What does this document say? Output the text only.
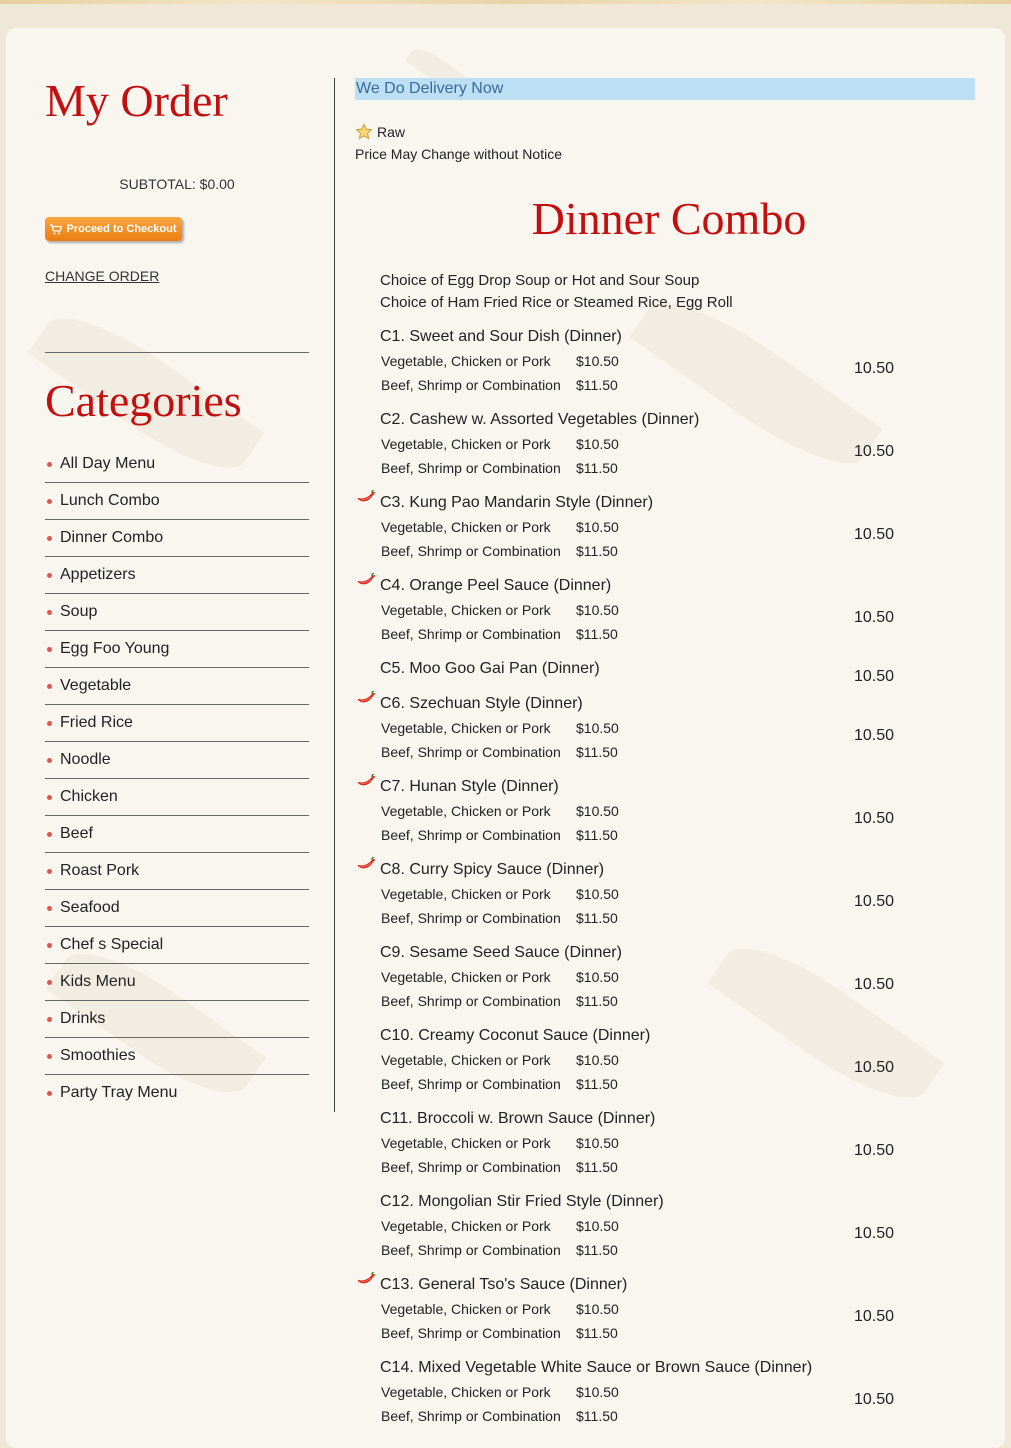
My Order
SUBTOTAL: $0.00
Proceed to Checkout
CHANGE ORDER
Categories
All Day Menu
Lunch Combo
Dinner Combo
Appetizers
Soup
Egg Foo Young
Vegetable
Fried Rice
Noodle
Chicken
Beef
Roast Pork
Seafood
Chef s Special
Kids Menu
Drinks
Smoothies
Party Tray Menu
We Do Delivery Now
Raw
Price May Change without Notice
Dinner Combo
Choice of Egg Drop Soup or Hot and Sour Soup
Choice of Ham Fried Rice or Steamed Rice, Egg Roll
C1. Sweet and Sour Dish (Dinner)
Vegetable, Chicken or Pork	$10.50
Beef, Shrimp or Combination	$11.50
10.50
C2. Cashew w. Assorted Vegetables (Dinner)
Vegetable, Chicken or Pork	$10.50
Beef, Shrimp or Combination	$11.50
10.50
C3. Kung Pao Mandarin Style (Dinner)
Vegetable, Chicken or Pork	$10.50
Beef, Shrimp or Combination	$11.50
10.50
C4. Orange Peel Sauce (Dinner)
Vegetable, Chicken or Pork	$10.50
Beef, Shrimp or Combination	$11.50
10.50
C5. Moo Goo Gai Pan (Dinner)	10.50
C6. Szechuan Style (Dinner)
Vegetable, Chicken or Pork	$10.50
Beef, Shrimp or Combination	$11.50
10.50
C7. Hunan Style (Dinner)
Vegetable, Chicken or Pork	$10.50
Beef, Shrimp or Combination	$11.50
10.50
C8. Curry Spicy Sauce (Dinner)
Vegetable, Chicken or Pork	$10.50
Beef, Shrimp or Combination	$11.50
10.50
C9. Sesame Seed Sauce (Dinner)
Vegetable, Chicken or Pork	$10.50
Beef, Shrimp or Combination	$11.50
10.50
C10. Creamy Coconut Sauce (Dinner)
Vegetable, Chicken or Pork	$10.50
Beef, Shrimp or Combination	$11.50
10.50
C11. Broccoli w. Brown Sauce (Dinner)
Vegetable, Chicken or Pork	$10.50
Beef, Shrimp or Combination	$11.50
10.50
C12. Mongolian Stir Fried Style (Dinner)
Vegetable, Chicken or Pork	$10.50
Beef, Shrimp or Combination	$11.50
10.50
C13. General Tso's Sauce (Dinner)
Vegetable, Chicken or Pork	$10.50
Beef, Shrimp or Combination	$11.50
10.50
C14. Mixed Vegetable White Sauce or Brown Sauce (Dinner)
Vegetable, Chicken or Pork	$10.50
Beef, Shrimp or Combination	$11.50
10.50
